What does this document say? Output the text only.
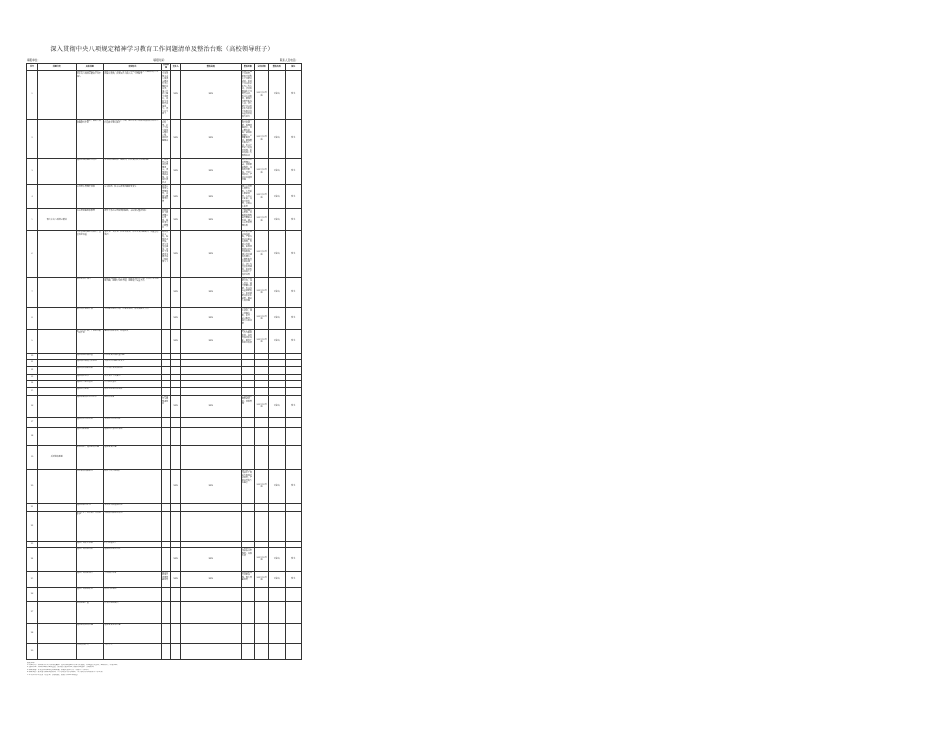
深入贯彻中央八项规定精神学习教育工作问题清单及整治台账（高校领导班子）
填报单位：	填报时间：	联系人及电话：
序号	问题分类	具体问题	表现形式	整改措施	责任人	整改进展	整改时限	完成时限	整改成效	备注
1		理论武装存在偏差不到位，对中央八项规定精神学习不深入	理论学习浮于表面，对中央八项规定精神及其实施细则的学习停留在表面，没有真正入脑入心，学用脱节	坚持把学习贯彻中央八项规定精神作为长期政治任务，深入开展专题学习研讨，推动学习教育走深走实，切实以学促干	XXX	XXX	已建立专题学习制度，组织开展集中学习研讨活动，推动学习成果转化为工作实效，持续巩固深化学习教育成效，形成长效机制，确保学习教育取得实效，切实把学习成果转化为推动学校事业高质量发展的强大动力	2025年6月底	已完成	暂无
2		学用结合不紧密，解决实际问题能力不足	学习与实际工作结合不够，运用中央八项规定精神指导推动工作的能力有待提升	坚持学以致用，结合学校实际制定整改方案，推动问题解决	XXX	XXX	结合学校实际开展调研，梳理问题清单，制定整改措施，逐项推动落实，定期跟踪问效，确保整改取得实效，形成学用结合的良好局面，推动各项工作落地见效	2025年6月底	已完成	暂无
3		违规吃喝问题仍有发生	公务接待超标准、超范围，存在变相公款吃喝问题	严格执行公务接待管理规定，规范接待审批流程，加强监督检查	XXX	XXX	修订公务接待管理办法，规范审批程序，加强财务审核，开展专项检查，严肃查处违规问题	2025年6月底	已完成	暂无
4		公务用车管理不规范	公车私用、私车公养等问题时有发生	完善公务用车管理制度，加强车辆使用监管	XXX	XXX	建立公务用车使用台账，实行派车审批制度，安装定位系统，加强日常监管，杜绝公车私用	2025年6月底	已完成	暂无
5	落实中央八项规定精神	办公用房超标准配置	领导干部办公用房面积超标，未按规定整改到位	对照标准全面清理办公用房，超标部分立即整改	XXX	XXX	全面清理办公用房，对超标准面积进行腾退或改造，建立办公用房管理台账	2025年6月底	已完成	暂无
6		文山会海问题仍然突出，基层负担较重	会议多、文件多、检查考核多，形式主义问题突出，加重基层负担	精简会议文件，统筹检查考核，切实为基层减负，推动干部把更多精力投入到抓落实上	XXX	XXX	制定精文减会具体措施，严格控制会议数量和规模，压缩文件篇幅，统筹规范督查检查考核事项，建立基层减负监测点，定期听取基层意见建议，切实为基层松绑减负，推动形成真抓实干良好氛围	2025年6月底	已完成	暂无
7		调查研究不深入	调研走马观花，浮于表面；调研成果转化不够；存在作秀式调研问题；调研计划性不强；调研报告质量不高		XXX	XXX	制定年度调研计划，深入基层一线开展蹲点调研，形成高质量调研报告，推动调研成果转化运用，解决实际问题	2025年6月底	已完成	暂无
8		服务师生意识不强	主动服务意识不强，办事效率低，群众满意度不高		XXX	XXX	开展走访师生活动，建立问题台账，推行一站式服务，提升办事效率	2025年6月底	已完成	暂无
9		担当作为不够，干事创业精气神不足	遇到困难绕着走，推诿扯皮		XXX	XXX	健全干部担当作为激励机制，完善考核评价体系，激发干事创业热情	2025年6月底	已完成	暂无
10		违规收送礼品礼金	存在收受礼品礼金问题							
11		违规操办婚丧喜庆事宜	大操大办问题仍有发生							
12		违规发放津贴补贴	巧立名目发放津补贴							
13		违规使用公款	公款支付个人费用							
14		违规出入私人会所	出入私人会所							
15		违规公款旅游	借公务差旅之机旅游							
16		违规配备使用公务用车	超标准配备	严格执行车辆配备标准	XXX	XXX	全面清理车辆配备情况，规范管理	2025年6月底	已完成	暂无
17		违规占用办公用房	多处占用办公用房							
18		违规兼职取酬	违规在社会组织兼职							
19	反对特权思想	搞特殊化，违规享受待遇	违规享受待遇							
20		利用职权谋取私利	插手干预工程项目		XXX	XXX	建立领导干部插手干预重大事项记录制度，严格执行报告和追责	2025年6月底	已完成	暂无
21		违规经商办企业	本人或亲属违规经商							
22		家风不正，对亲属子女管教不严	亲属借用影响力谋利							
23		违规干预招生录取	打招呼递条子							
24		违规干预人事安排	违规插手选人用人		XXX	XXX	严格执行干部选拔任用程序，加强监督	2025年6月底	已完成	暂无
25		违规干预科研项目	干预项目评审	完善科研项目评审回避制度	XXX	XXX	规范科研项目评审流程，落实回避制度	2025年6月底	已完成	暂无
26		违规干预采购招标	插手招标采购							
27		特权思想严重	官本位思想突出							
28		违规享受特殊待遇	违规享受特殊待遇							
29		作风漂浮不实	工作不实							
填报说明：
1.问题分类：按照落实中央八项规定精神、反对特权思想等方面分类填报，问题查摆要具体，逐项列出，不能笼统。
2.具体问题：对照问题清单逐项查摆，如实填写具体问题，做到问题具体、表现清楚。
3.整改措施：针对具体问题制定整改措施，措施要具体可行、可操作、可检验。
4.整改进展：如实填写整改进展情况，已完成的写明完成情况，未完成的写明进展和下一步安排。
5.本表由各单位党委（党总支）负责填报，填报后加盖公章报送。
